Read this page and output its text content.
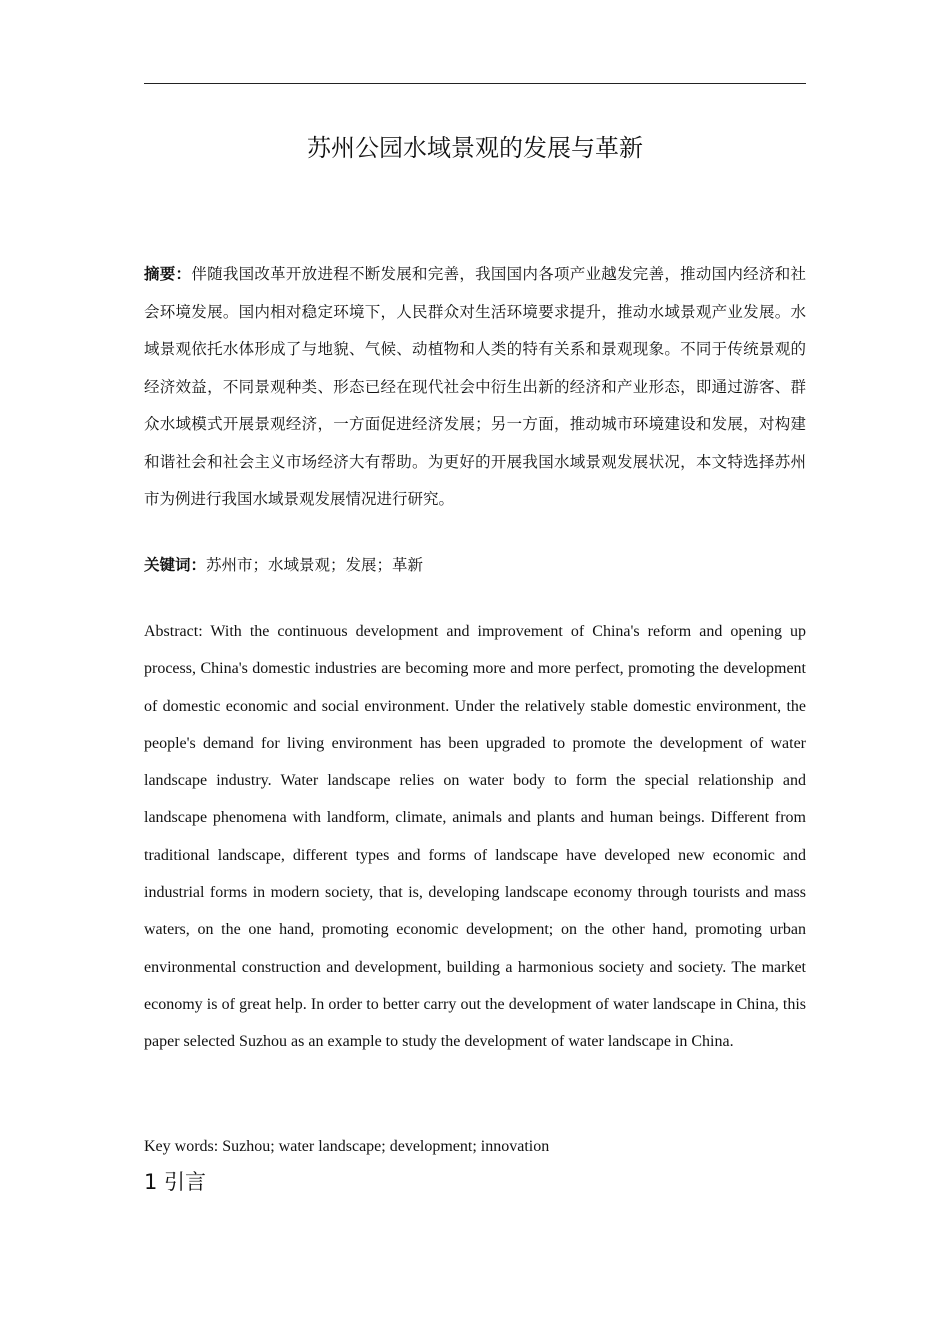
苏州公园水域景观的发展与革新

摘要：伴随我国改革开放进程不断发展和完善，我国国内各项产业越发完善，推动国内经济和社会环境发展。国内相对稳定环境下，人民群众对生活环境要求提升，推动水域景观产业发展。水域景观依托水体形成了与地貌、气候、动植物和人类的特有关系和景观现象。不同于传统景观的经济效益，不同景观种类、形态已经在现代社会中衍生出新的经济和产业形态，即通过游客、群众水域模式开展景观经济，一方面促进经济发展；另一方面，推动城市环境建设和发展，对构建和谐社会和社会主义市场经济大有帮助。为更好的开展我国水域景观发展状况，本文特选择苏州市为例进行我国水域景观发展情况进行研究。

关键词：苏州市；水域景观；发展；革新

Abstract: With the continuous development and improvement of China's reform and opening up process, China's domestic industries are becoming more and more perfect, promoting the development of domestic economic and social environment. Under the relatively stable domestic environment, the people's demand for living environment has been upgraded to promote the development of water landscape industry. Water landscape relies on water body to form the special relationship and landscape phenomena with landform, climate, animals and plants and human beings. Different from traditional landscape, different types and forms of landscape have developed new economic and industrial forms in modern society, that is, developing landscape economy through tourists and mass waters, on the one hand, promoting economic development; on the other hand, promoting urban environmental construction and development, building a harmonious society and society. The market economy is of great help. In order to better carry out the development of water landscape in China, this paper selected Suzhou as an example to study the development of water landscape in China.

Key words: Suzhou; water landscape; development; innovation

1 引言
